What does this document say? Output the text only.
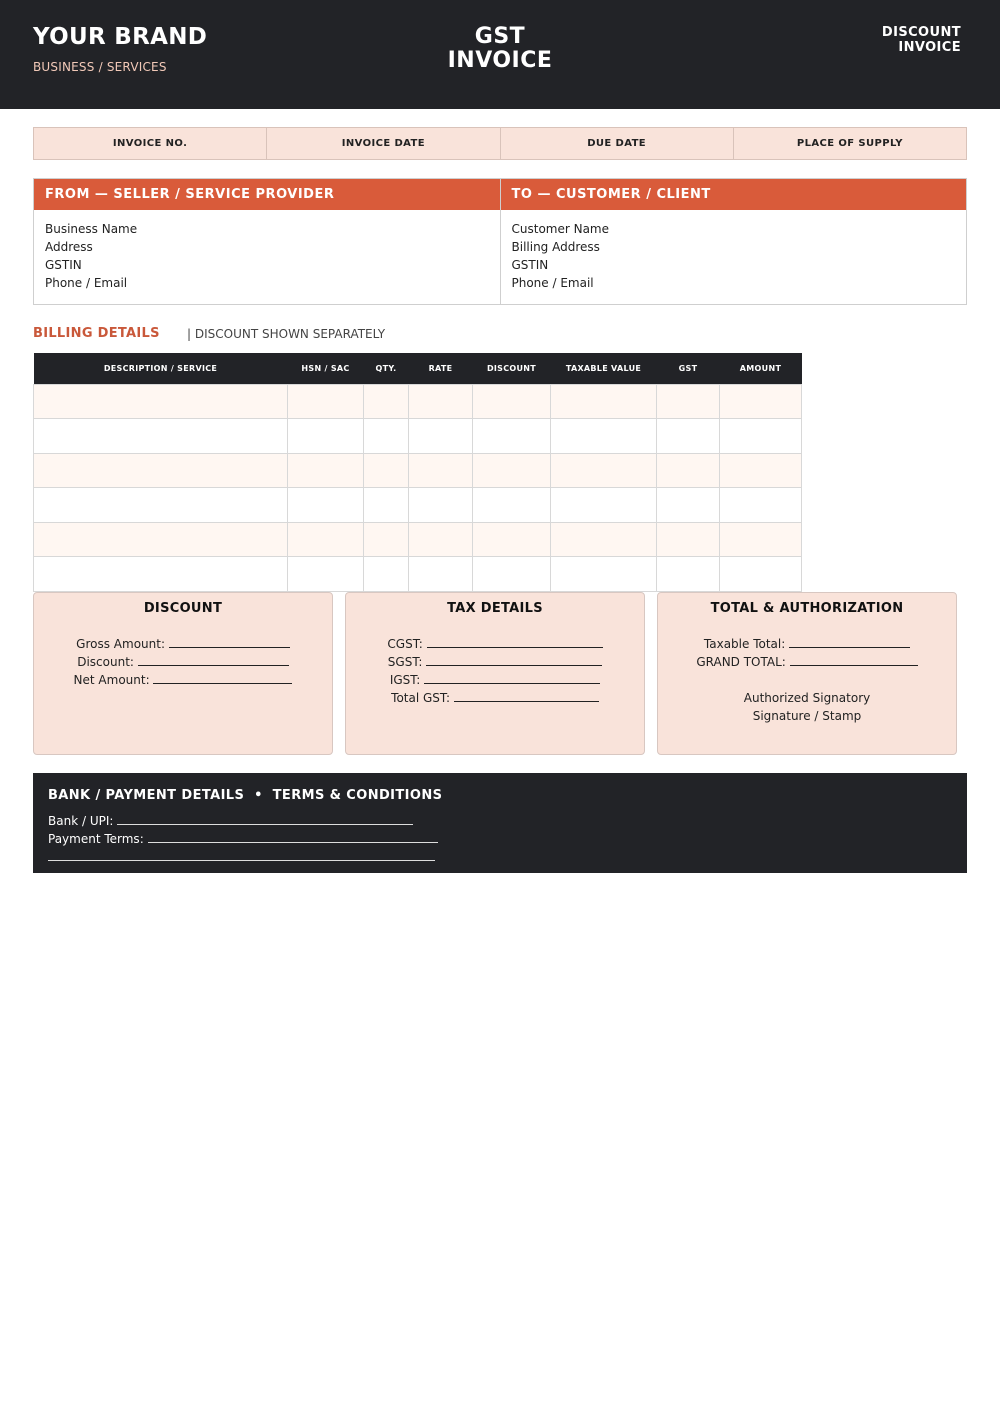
YOUR BRAND
BUSINESS / SERVICES
GST
INVOICE
DISCOUNT
INVOICE
INVOICE NO.	INVOICE DATE	DUE DATE	PLACE OF SUPPLY
FROM — SELLER / SERVICE PROVIDER
Business Name
Address
GSTIN
Phone / Email
TO — CUSTOMER / CLIENT
Customer Name
Billing Address
GSTIN
Phone / Email
BILLING DETAILS | DISCOUNT SHOWN SEPARATELY
DESCRIPTION / SERVICE	HSN / SAC	QTY.	RATE	DISCOUNT	TAXABLE VALUE	GST	AMOUNT

DISCOUNT
Gross Amount:
Discount:
Net Amount:
TAX DETAILS
CGST:
SGST:
IGST:
Total GST:
TOTAL & AUTHORIZATION
Taxable Total:
GRAND TOTAL:
Authorized Signatory
Signature / Stamp
BANK / PAYMENT DETAILS  •  TERMS & CONDITIONS
Bank / UPI:
Payment Terms:
